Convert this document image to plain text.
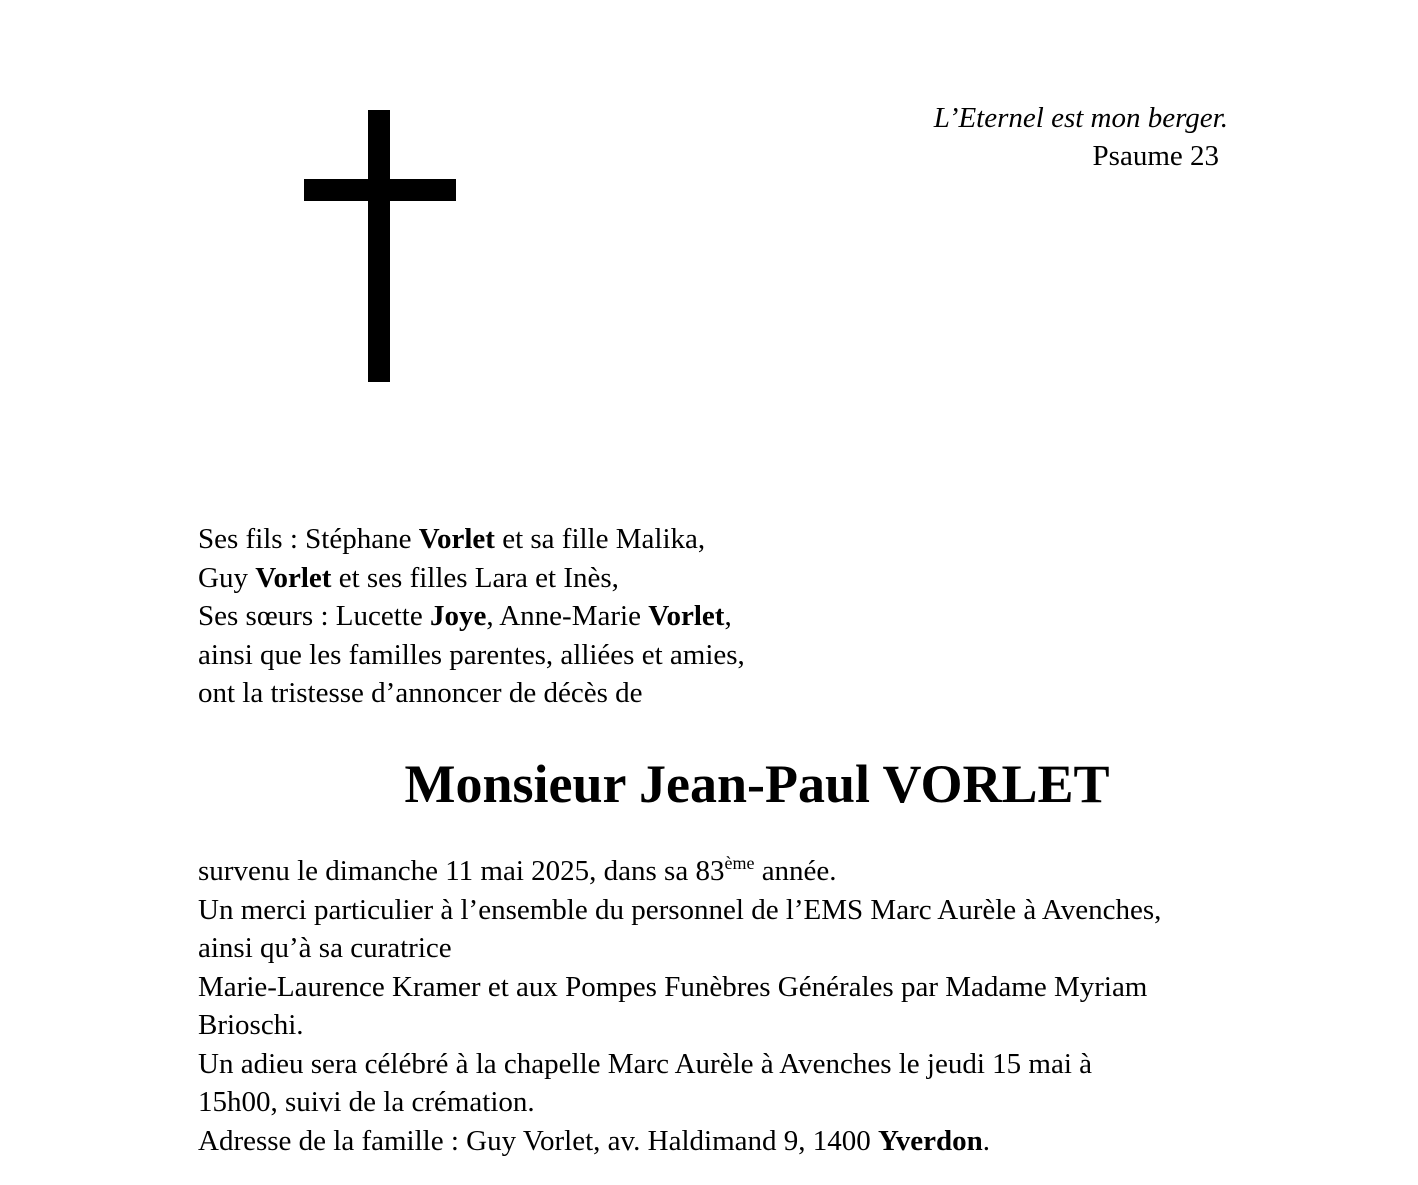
L’Eternel est mon berger.
Psaume 23
Ses fils : Stéphane Vorlet et sa fille Malika,
Guy Vorlet et ses filles Lara et Inès,
Ses sœurs : Lucette Joye, Anne-Marie Vorlet,
ainsi que les familles parentes, alliées et amies,
ont la tristesse d’annoncer de décès de
Monsieur Jean-Paul VORLET
survenu le dimanche 11 mai 2025, dans sa 83ème année.
Un merci particulier à l’ensemble du personnel de l’EMS Marc Aurèle à Avenches,
ainsi qu’à sa curatrice
Marie-Laurence Kramer et aux Pompes Funèbres Générales par Madame Myriam
Brioschi.
Un adieu sera célébré à la chapelle Marc Aurèle à Avenches le jeudi 15 mai à
15h00, suivi de la crémation.
Adresse de la famille : Guy Vorlet, av. Haldimand 9, 1400 Yverdon.
